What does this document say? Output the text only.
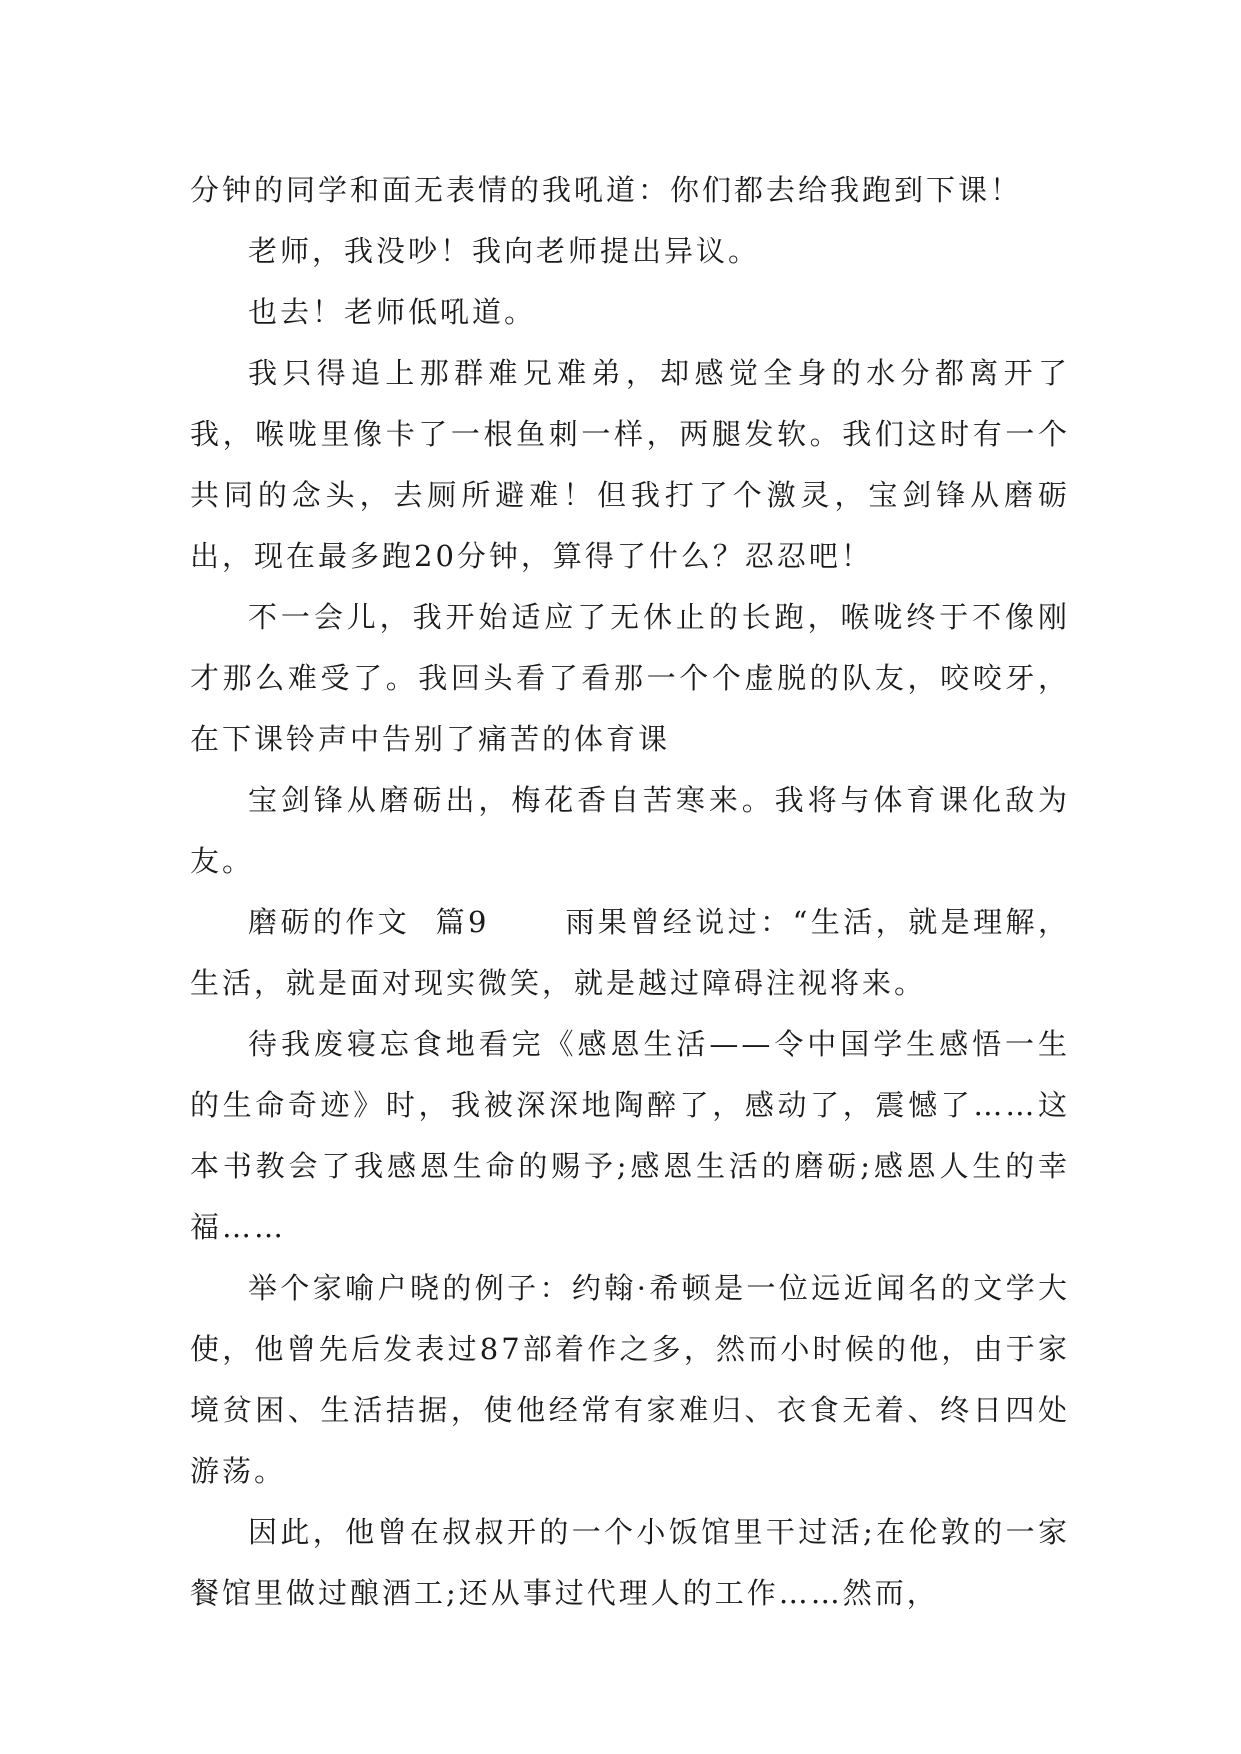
分钟的同学和面无表情的我吼道：你们都去给我跑到下课！

老师，我没吵！我向老师提出异议。

也去！老师低吼道。

我只得追上那群难兄难弟，却感觉全身的水分都离开了我，喉咙里像卡了一根鱼刺一样，两腿发软。我们这时有一个共同的念头，去厕所避难！但我打了个激灵，宝剑锋从磨砺出，现在最多跑20分钟，算得了什么？忍忍吧！

不一会儿，我开始适应了无休止的长跑，喉咙终于不像刚才那么难受了。我回头看了看那一个个虚脱的队友，咬咬牙，在下课铃声中告别了痛苦的体育课

宝剑锋从磨砺出，梅花香自苦寒来。我将与体育课化敌为友。

磨砺的作文  篇9      雨果曾经说过：“生活，就是理解，生活，就是面对现实微笑，就是越过障碍注视将来。

待我废寝忘食地看完《感恩生活——令中国学生感悟一生的生命奇迹》时，我被深深地陶醉了，感动了，震憾了……这本书教会了我感恩生命的赐予;感恩生活的磨砺;感恩人生的幸福……

举个家喻户晓的例子：约翰·希顿是一位远近闻名的文学大使，他曾先后发表过87部着作之多，然而小时候的他，由于家境贫困、生活拮据，使他经常有家难归、衣食无着、终日四处游荡。

因此，他曾在叔叔开的一个小饭馆里干过活;在伦敦的一家餐馆里做过酿酒工;还从事过代理人的工作……然而，
